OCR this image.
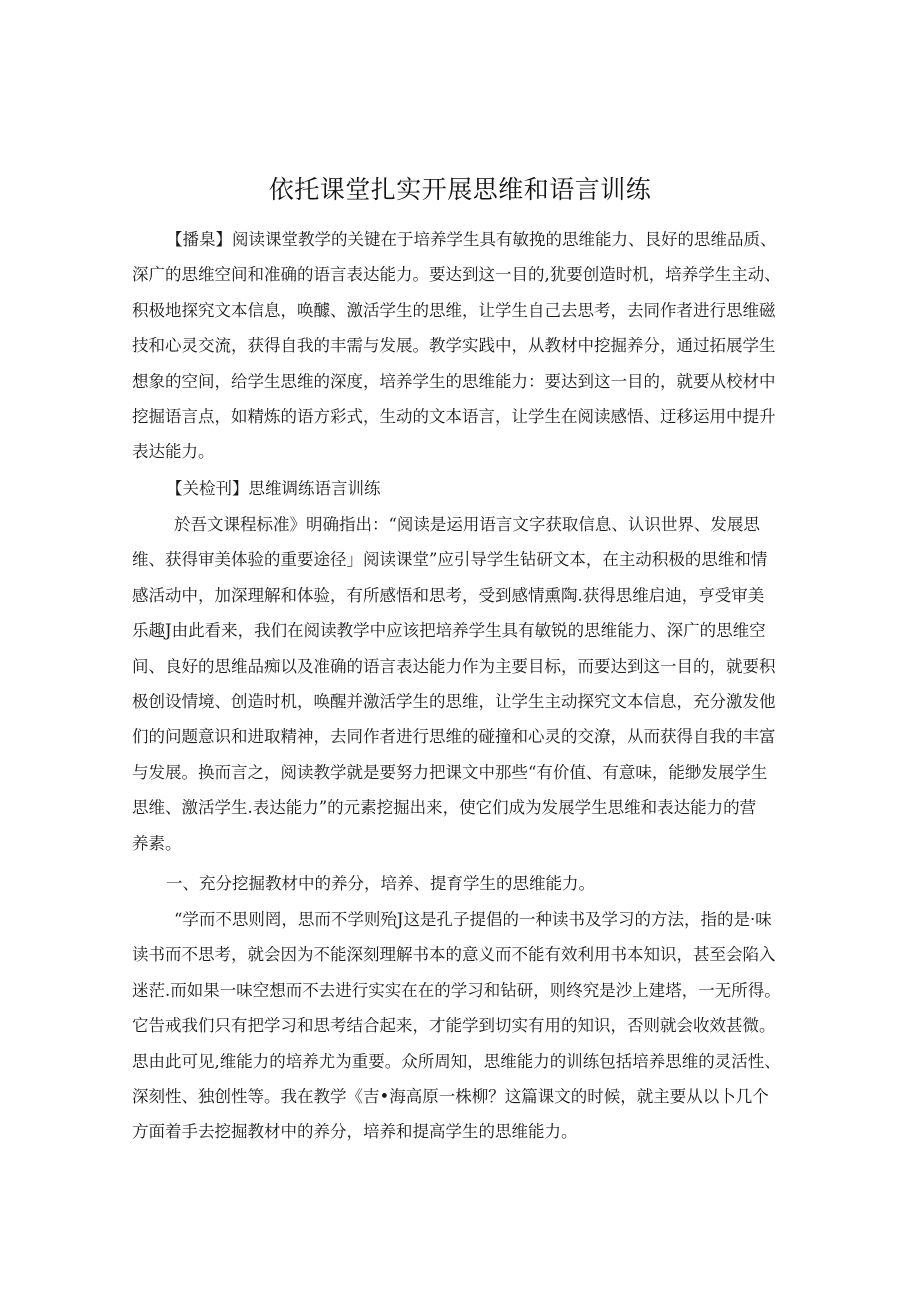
依托课堂扎实开展思维和语言训练
【播臬】阅读课堂教学的关键在于培养学生具有敏挽的思维能力、艮好的思维品质、
深广的思维空间和准确的语言表达能力。要达到这一目的,犹要创造时机，培养学生主动、
积极地探究文本信息，唤醵、激活学生的思维，让学生自己去思考，去同作者进行思维磁
技和心灵交流，获得自我的丰需与发展。教学实践中，从教材中挖掘养分，通过拓展学生
想象的空间，给学生思维的深度，培养学生的思维能力：要达到这一目的，就要从校材中
挖掘语言点，如精炼的语方彩式，生动的文本语言，让学生在阅读感悟、迂移运用中提升
表达能力。
【关检刊】思维调练语言训练
於吾文课程标准》明确指出：“阅读是运用语言文字获取信息、认识世界、发展思
维、获得审美体验的重要途径」阅读课堂”应引导学生钻研文本，在主动积极的思维和情
感活动中，加深理解和体验，有所感悟和思考，受到感情熏陶.获得思维启迪，亨受审美
乐趣J由此看来，我们在阅读教学中应该把培养学生具有敏锐的思维能力、深广的思维空
间、良好的思维品痴以及准确的语言表达能力作为主要目标，而要达到这一目的，就要积
极创设情境、创造时机，唤醒并激活学生的思维，让学生主动探究文本信息，充分激发他
们的问题意识和进取精神，去同作者进行思维的碰撞和心灵的交潦，从而获得自我的丰富
与发展。换而言之，阅读教学就是要努力把课文中那些“有价值、有意味，能缈发展学生
思维、激活学生.表达能力”的元素挖掘出来，使它们成为发展学生思维和表达能力的营
养素。
一、充分挖掘教材中的养分，培养、提育学生的思维能力。
“学而不思则罔，思而不学则殆J这是孔子提倡的一种读书及学习的方法，指的是·味
读书而不思考，就会因为不能深刻理解书本的意义而不能有效利用书本知识，甚至会陷入
迷茫.而如果一味空想而不去进行实实在在的学习和钻研，则终究是沙上建塔，一无所得。
它告戒我们只有把学习和思考结合起来，才能学到切实有用的知识，否则就会收效甚微。
思由此可见,维能力的培养尤为重要。众所周知，思维能力的训练包括培养思维的灵活性、
深刻性、独创性等。我在教学《吉•海高原一株柳？这篇课文的时候，就主要从以卜几个
方面着手去挖掘教材中的养分，培养和提高学生的思维能力。
